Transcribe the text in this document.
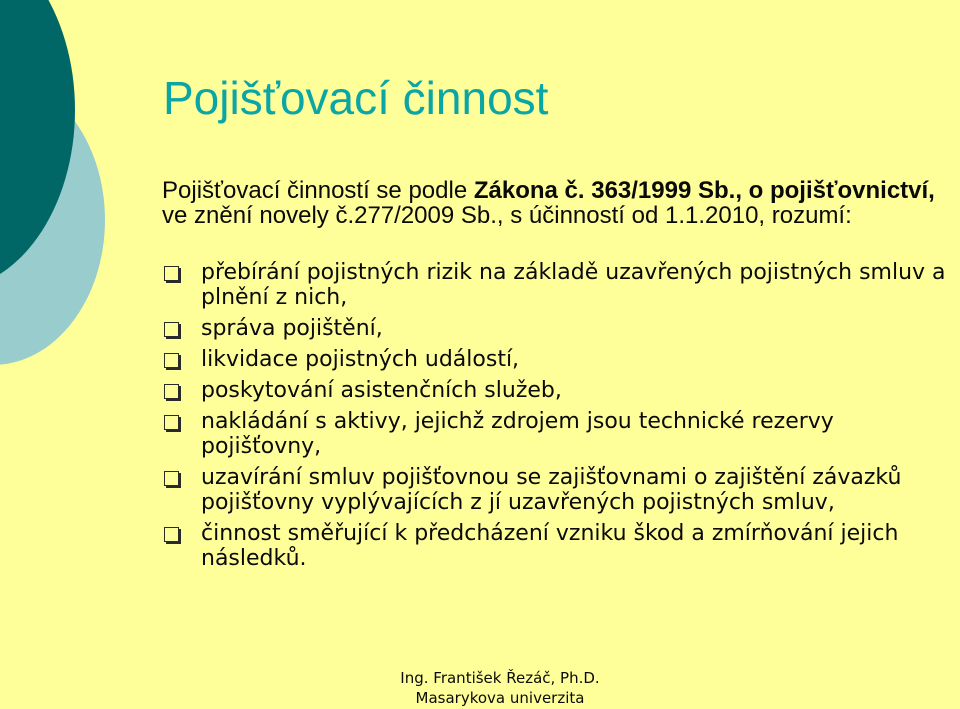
Pojišťovací činnost

Pojišťovací činností se podle Zákona č. 363/1999 Sb., o pojišťovnictví, ve znění novely č.277/2009 Sb., s účinností od 1.1.2010, rozumí:

přebírání pojistných rizik na základě uzavřených pojistných smluv a plnění z nich,
správa pojištění,
likvidace pojistných událostí,
poskytování asistenčních služeb,
nakládání s aktivy, jejichž zdrojem jsou technické rezervy pojišťovny,
uzavírání smluv pojišťovnou se zajišťovnami o zajištění závazků pojišťovny vyplývajících z jí uzavřených pojistných smluv,
činnost směřující k předcházení vzniku škod a zmírňování jejich následků.
Ing. František Řezáč, Ph.D.
Masarykova univerzita
